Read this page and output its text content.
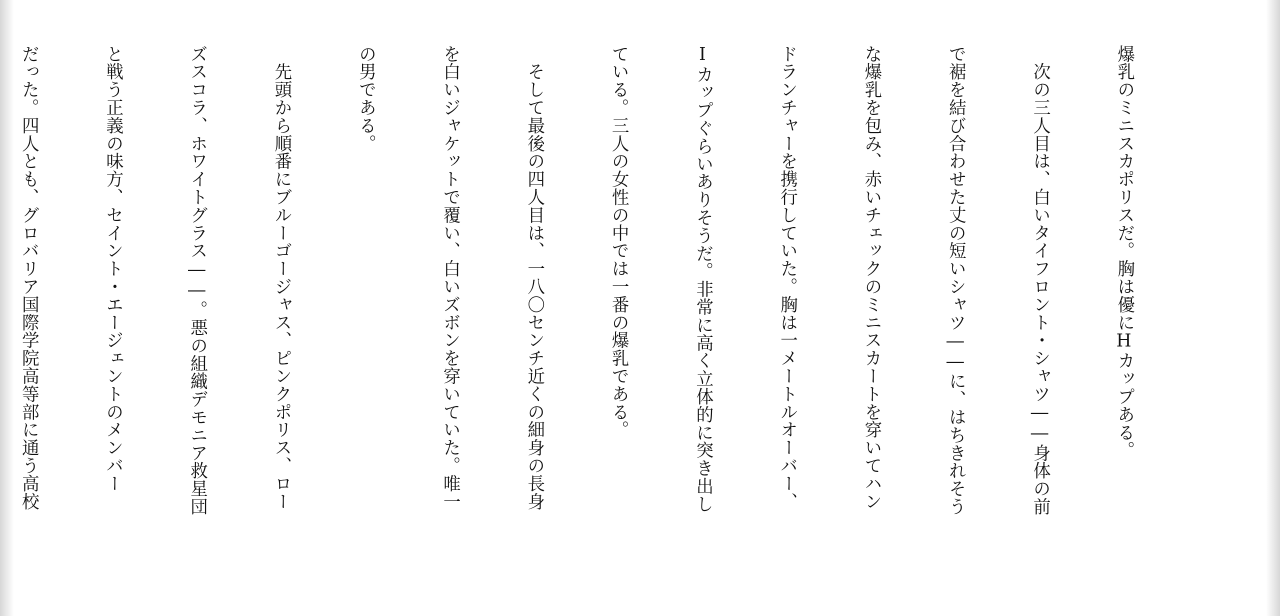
爆乳のミニスカポリスだ。胸は優にHカップある。

　次の三人目は、白いタイフロント・シャツ――身体の前

で裾を結び合わせた丈の短いシャツ――に、はちきれそう

な爆乳を包み、赤いチェックのミニスカートを穿いてハン

ドランチャーを携行していた。胸は一メートルオーバー、

Iカップぐらいありそうだ。非常に高く立体的に突き出し

ている。三人の女性の中では一番の爆乳である。

　そして最後の四人目は、一八〇センチ近くの細身の長身

を白いジャケットで覆い、白いズボンを穿いていた。唯一

の男である。

　先頭から順番にブルーゴージャス、ピンクポリス、ロー

ズスコラ、ホワイトグラス――。悪の組織デモニア救星団

と戦う正義の味方、セイント・エージェントのメンバー

だった。四人とも、グロバリア国際学院高等部に通う高校
